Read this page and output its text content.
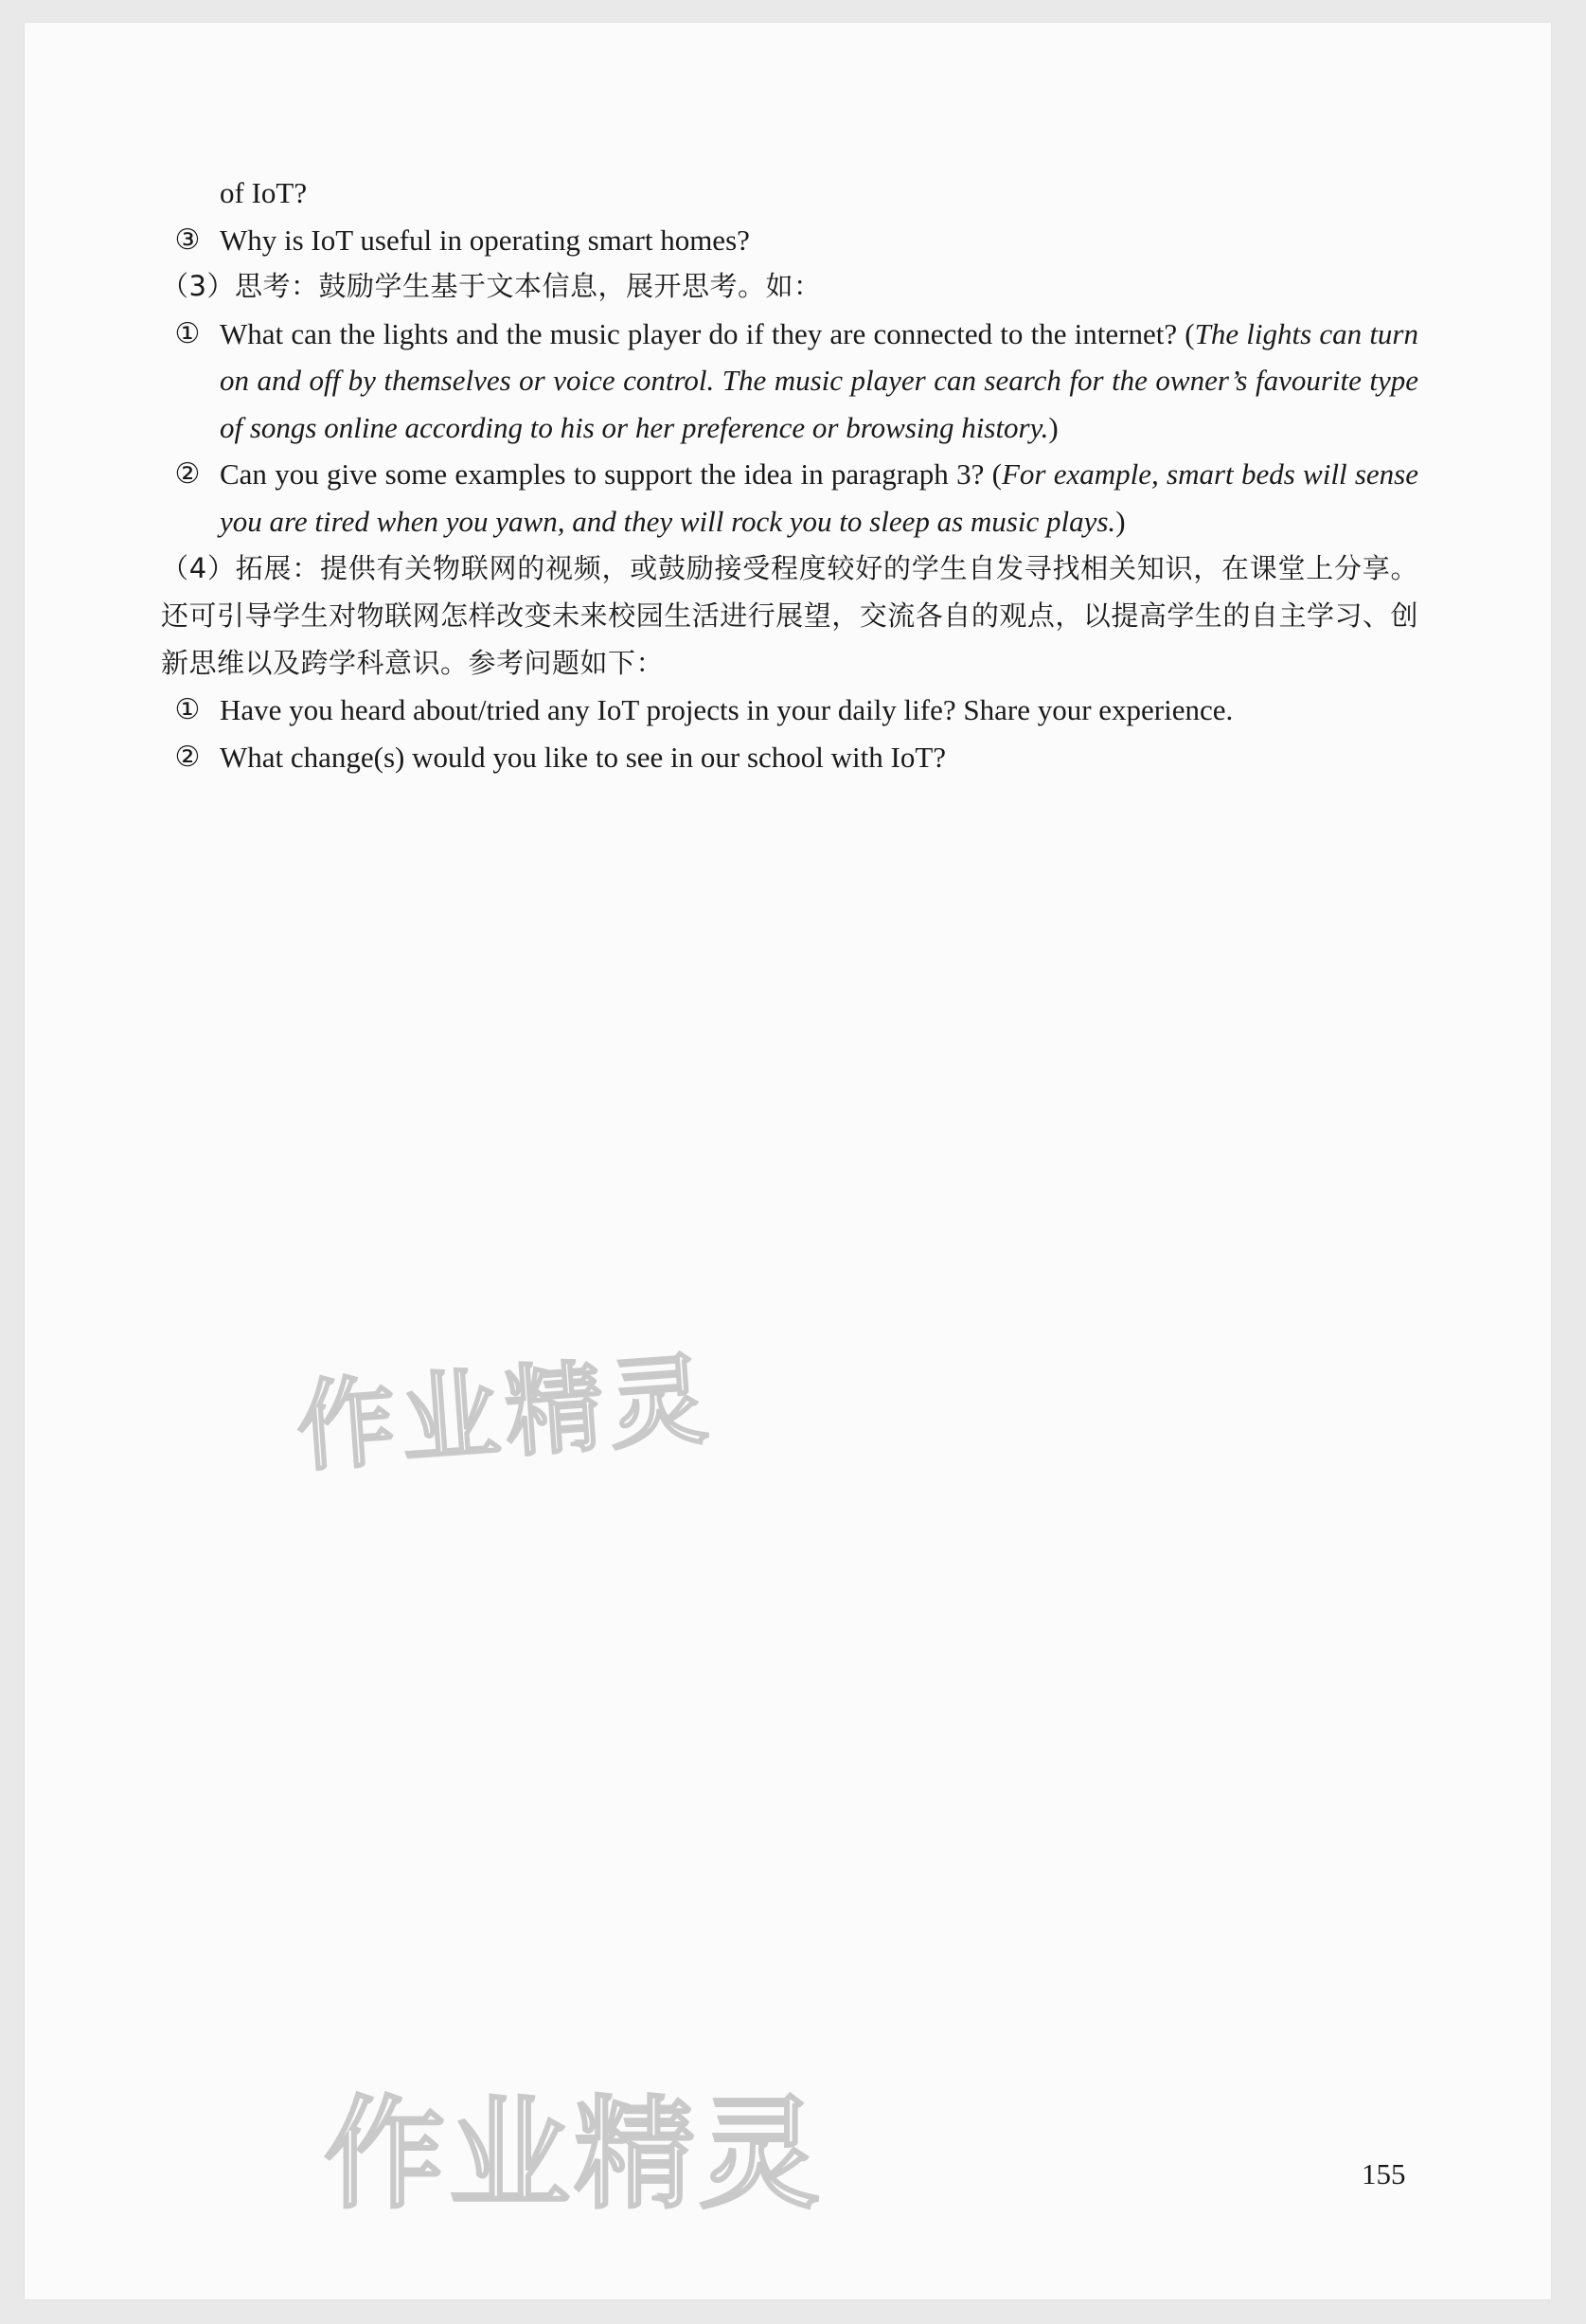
of IoT?
③ Why is IoT useful in operating smart homes?
（3）思考：鼓励学生基于文本信息，展开思考。如：
① What can the lights and the music player do if they are connected to the internet? (The lights can turn on and off by themselves or voice control. The music player can search for the owner’s favourite type of songs online according to his or her preference or browsing history.)
② Can you give some examples to support the idea in paragraph 3? (For example, smart beds will sense you are tired when you yawn, and they will rock you to sleep as music plays.)
（4）拓展：提供有关物联网的视频，或鼓励接受程度较好的学生自发寻找相关知识，在课堂上分享。还可引导学生对物联网怎样改变未来校园生活进行展望，交流各自的观点，以提高学生的自主学习、创新思维以及跨学科意识。参考问题如下：
① Have you heard about/tried any IoT projects in your daily life? Share your experience.
② What change(s) would you like to see in our school with IoT?
作业精灵
作业精灵	155
